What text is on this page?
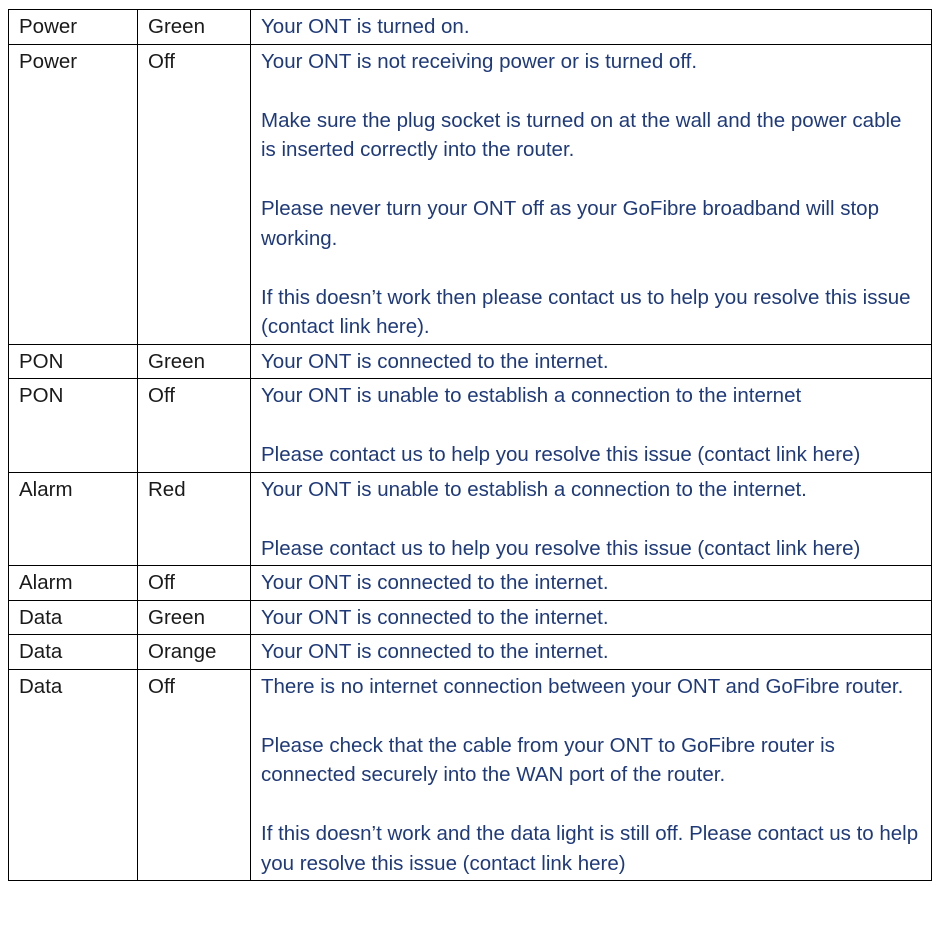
Power	Green	Your ONT is turned on.

Power	Off	Your ONT is not receiving power or is turned off.

Make sure the plug socket is turned on at the wall and the power cable is inserted correctly into the router.

Please never turn your ONT off as your GoFibre broadband will stop working.

If this doesn’t work then please contact us to help you resolve this issue (contact link here).

PON	Green	Your ONT is connected to the internet.

PON	Off	Your ONT is unable to establish a connection to the internet

Please contact us to help you resolve this issue (contact link here)

Alarm	Red	Your ONT is unable to establish a connection to the internet.

Please contact us to help you resolve this issue (contact link here)

Alarm	Off	Your ONT is connected to the internet.

Data	Green	Your ONT is connected to the internet.

Data	Orange	Your ONT is connected to the internet.

Data	Off	There is no internet connection between your ONT and GoFibre router.

Please check that the cable from your ONT to GoFibre router is connected securely into the WAN port of the router.

If this doesn’t work and the data light is still off. Please contact us to help you resolve this issue (contact link here)
